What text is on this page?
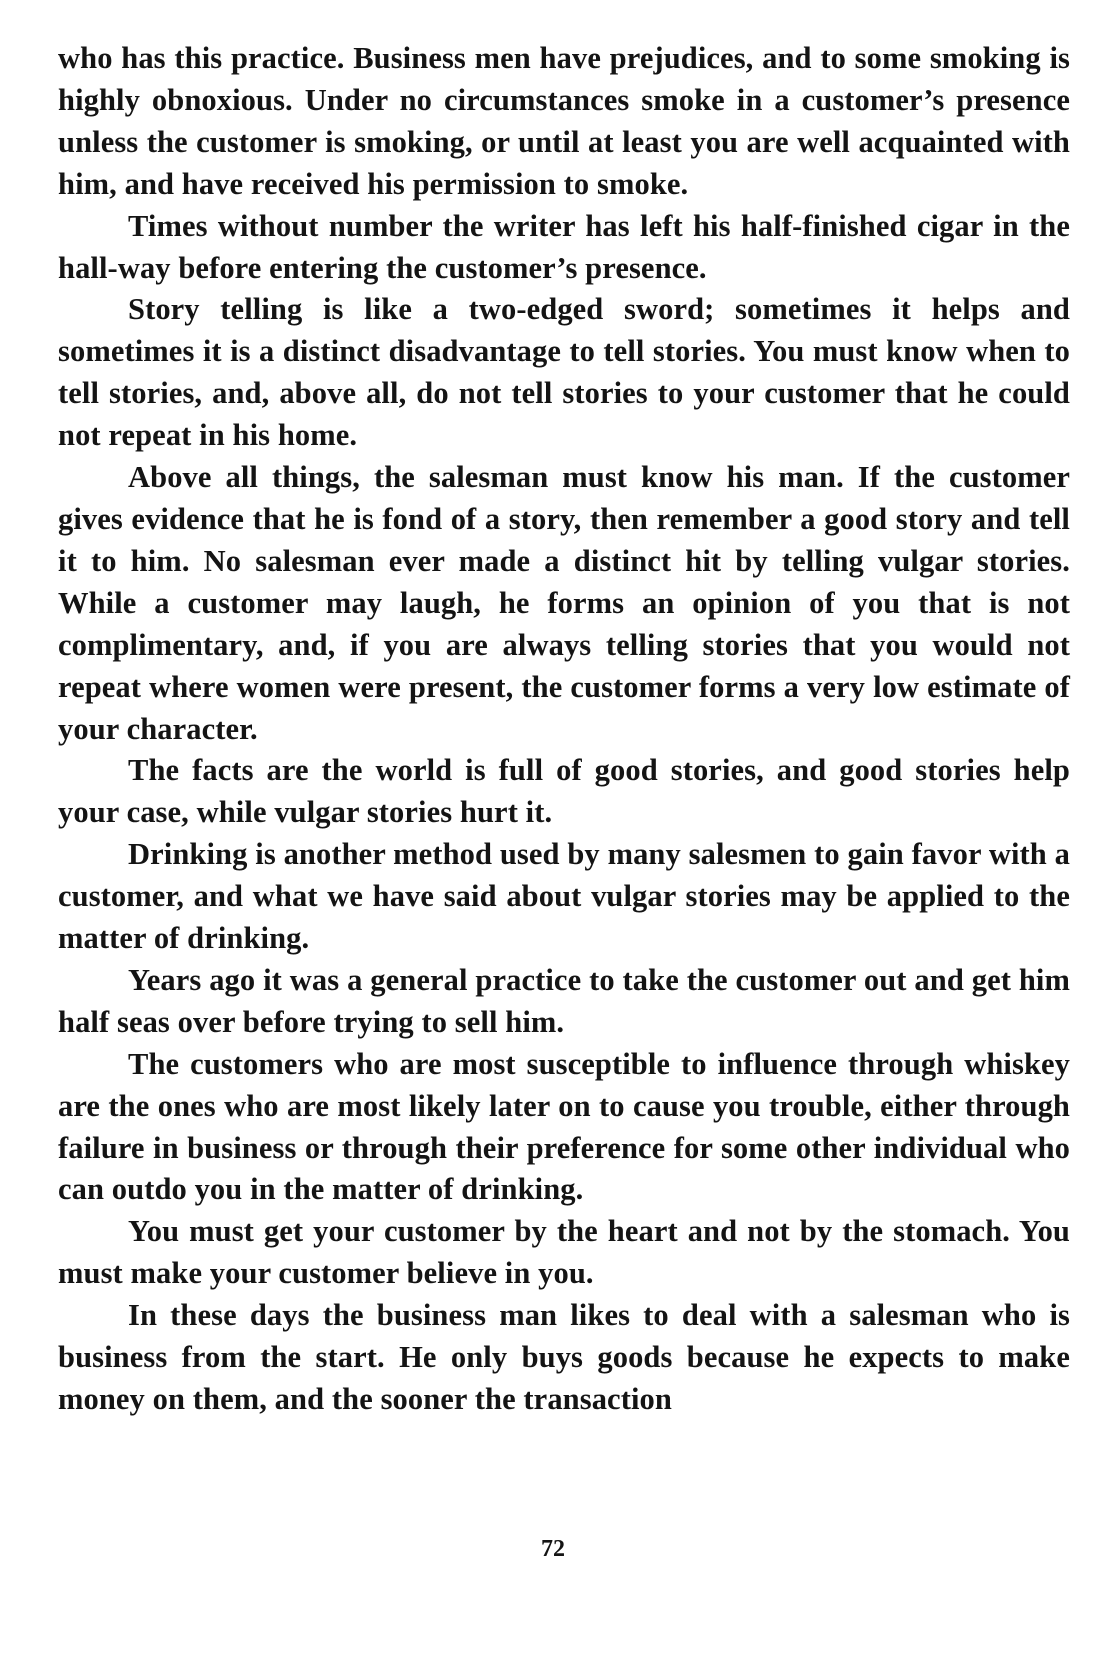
who has this practice. Business men have prejudices, and to some smoking is highly obnoxious. Under no circumstances smoke in a customer’s presence unless the customer is smoking, or until at least you are well acquainted with him, and have received his permission to smoke.

Times without number the writer has left his half-finished cigar in the hall-way before entering the customer’s presence.

Story telling is like a two-edged sword; sometimes it helps and sometimes it is a distinct disadvantage to tell stories. You must know when to tell stories, and, above all, do not tell stories to your customer that he could not repeat in his home.

Above all things, the salesman must know his man. If the customer gives evidence that he is fond of a story, then remember a good story and tell it to him. No salesman ever made a distinct hit by telling vulgar stories. While a customer may laugh, he forms an opinion of you that is not complimentary, and, if you are always telling stories that you would not repeat where women were present, the customer forms a very low estimate of your character.

The facts are the world is full of good stories, and good stories help your case, while vulgar stories hurt it.

Drinking is another method used by many salesmen to gain favor with a customer, and what we have said about vulgar stories may be applied to the matter of drinking.

Years ago it was a general practice to take the customer out and get him half seas over before trying to sell him.

The customers who are most susceptible to influence through whiskey are the ones who are most likely later on to cause you trouble, either through failure in business or through their preference for some other individual who can outdo you in the matter of drinking.

You must get your customer by the heart and not by the stomach. You must make your customer believe in you.

In these days the business man likes to deal with a salesman who is business from the start. He only buys goods because he expects to make money on them, and the sooner the transaction

72
